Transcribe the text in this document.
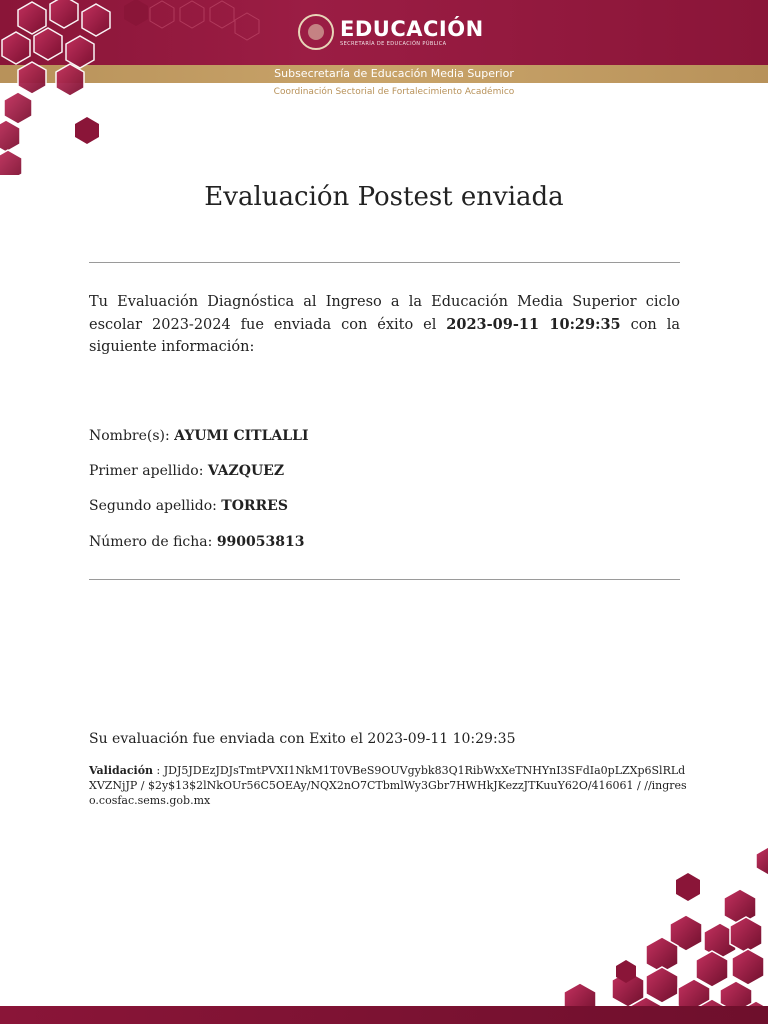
EDUCACIÓN
SECRETARÍA DE EDUCACIÓN PÚBLICA
Subsecretaría de Educación Media Superior
Coordinación Sectorial de Fortalecimiento Académico
Evaluación Postest enviada
Tu Evaluación Diagnóstica al Ingreso a la Educación Media Superior ciclo escolar 2023-2024 fue enviada con éxito el 2023-09-11 10:29:35 con la siguiente información:
Nombre(s): AYUMI CITLALLI
Primer apellido: VAZQUEZ
Segundo apellido: TORRES
Número de ficha: 990053813
Su evaluación fue enviada con Exito el 2023-09-11 10:29:35
Validación : JDJ5JDEzJDJsTmtPVXI1NkM1T0VBeS9OUVgybk83Q1RibWxXeTNHYnI3SFdIa0pLZXp6SlRLdXVZNjJP / $2y$13$2lNkOUr56C5OEAy/NQX2nO7CTbmlWy3Gbr7HWHkJKezzJTKuuY62O/416061 / //ingreso.cosfac.sems.gob.mx
